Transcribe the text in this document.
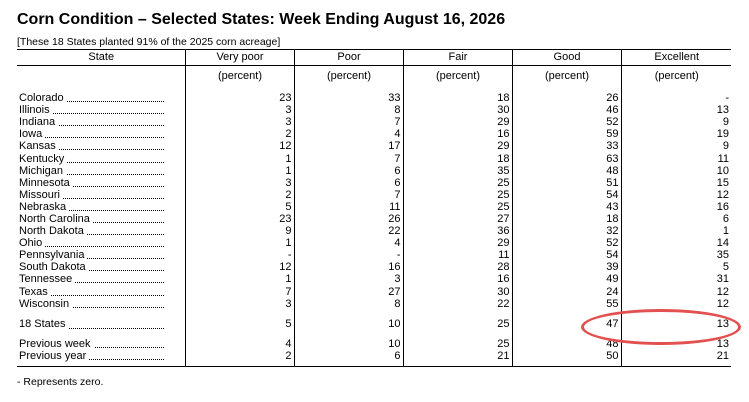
Corn Condition – Selected States: Week Ending August 16, 2026
[These 18 States planted 91% of the 2025 corn acreage]
State	Very poor	Poor	Fair	Good	Excellent
	(percent)	(percent)	(percent)	(percent)	(percent)

Colorado	23	33	18	26	-

Illinois	3	8	30	46	13

Indiana	3	7	29	52	9

Iowa	2	4	16	59	19

Kansas	12	17	29	33	9

Kentucky	1	7	18	63	11

Michigan	1	6	35	48	10

Minnesota	3	6	25	51	15

Missouri	2	7	25	54	12

Nebraska	5	11	25	43	16

North Carolina	23	26	27	18	6

North Dakota	9	22	36	32	1

Ohio	1	4	29	52	14

Pennsylvania	-	-	11	54	35

South Dakota	12	16	28	39	5

Tennessee	1	3	16	49	31

Texas	7	27	30	24	12

Wisconsin	3	8	22	55	12

18 States	5	10	25	47	13

Previous week	4	10	25	48	13

Previous year	2	6	21	50	21

- Represents zero.
